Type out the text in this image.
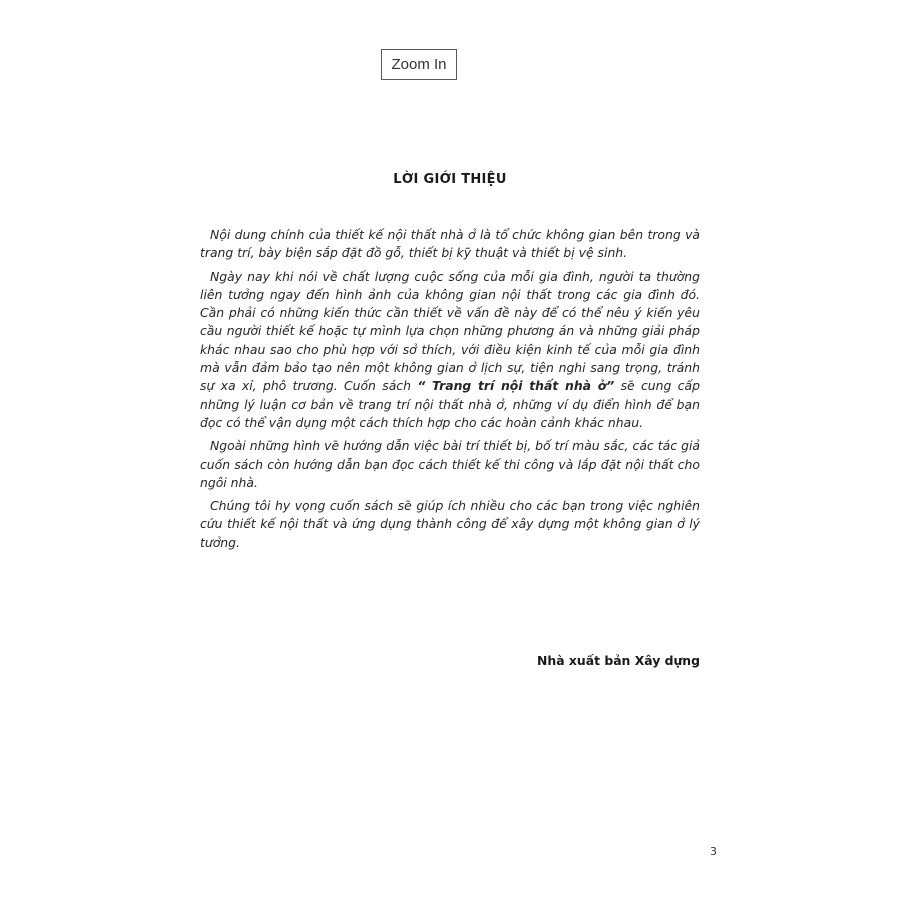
Zoom In
LỜI GIỚI THIỆU

Nội dung chính của thiết kế nội thất nhà ở là tổ chức không gian bên trong và trang trí, bày biện sắp đặt đồ gỗ, thiết bị kỹ thuật và thiết bị vệ sinh.

Ngày nay khi nói về chất lượng cuộc sống của mỗi gia đình, người ta thường liên tưởng ngay đến hình ảnh của không gian nội thất trong các gia đình đó. Cần phải có những kiến thức cần thiết về vấn đề này để có thể nêu ý kiến yêu cầu người thiết kế hoặc tự mình lựa chọn những phương án và những giải pháp khác nhau sao cho phù hợp với sở thích, với điều kiện kinh tế của mỗi gia đình mà vẫn đảm bảo tạo nên một không gian ở lịch sự, tiện nghi sang trọng, tránh sự xa xỉ, phô trương. Cuốn sách “ Trang trí nội thất nhà ở” sẽ cung cấp những lý luận cơ bản về trang trí nội thất nhà ở, những ví dụ điển hình để bạn đọc có thể vận dụng một cách thích hợp cho các hoàn cảnh khác nhau.

Ngoài những hình vẽ hướng dẫn việc bài trí thiết bị, bố trí màu sắc, các tác giả cuốn sách còn hướng dẫn bạn đọc cách thiết kế thi công và lắp đặt nội thất cho ngôi nhà.

Chúng tôi hy vọng cuốn sách sẽ giúp ích nhiều cho các bạn trong việc nghiên cứu thiết kế nội thất và ứng dụng thành công để xây dựng một không gian ở lý tưởng.

Nhà xuất bản Xây dựng
3
